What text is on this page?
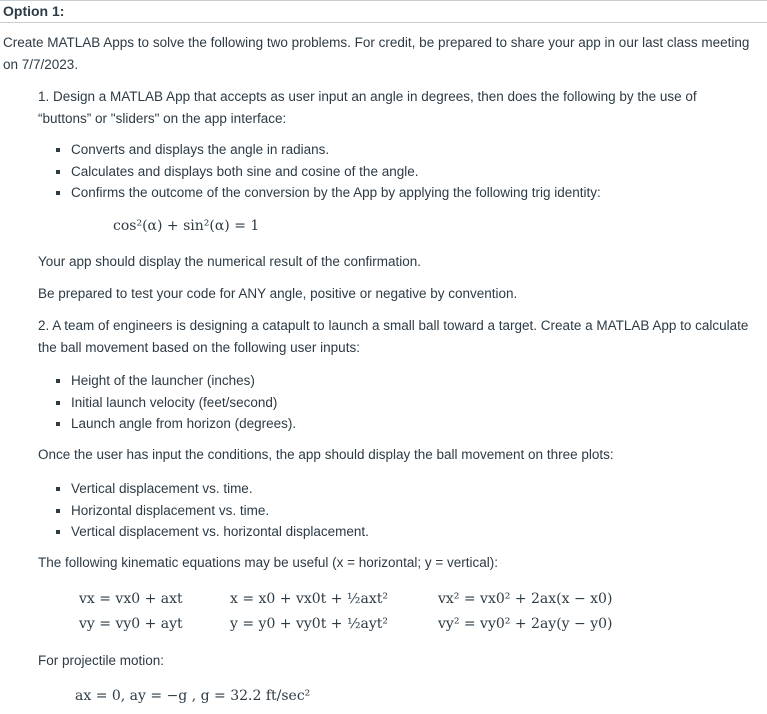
Option 1:
Create MATLAB Apps to solve the following two problems. For credit, be prepared to share your app in our last class meeting on 7/7/2023.
1. Design a MATLAB App that accepts as user input an angle in degrees, then does the following by the use of “buttons” or "sliders" on the app interface:
Converts and displays the angle in radians.
Calculates and displays both sine and cosine of the angle.
Confirms the outcome of the conversion by the App by applying the following trig identity:
cos²(α) + sin²(α) = 1
Your app should display the numerical result of the confirmation.
Be prepared to test your code for ANY angle, positive or negative by convention.
2. A team of engineers is designing a catapult to launch a small ball toward a target. Create a MATLAB App to calculate the ball movement based on the following user inputs:
Height of the launcher (inches)
Initial launch velocity (feet/second)
Launch angle from horizon (degrees).
Once the user has input the conditions, the app should display the ball movement on three plots:
Vertical displacement vs. time.
Horizontal displacement vs. time.
Vertical displacement vs. horizontal displacement.
The following kinematic equations may be useful (x = horizontal; y = vertical):
vx = vx0 + axt	x = x0 + vx0t + ½axt²	vx² = vx0² + 2ax(x − x0)
vy = vy0 + ayt	y = y0 + vy0t + ½ayt²	vy² = vy0² + 2ay(y − y0)
For projectile motion:
ax = 0, ay = −g , g = 32.2 ft/sec²
